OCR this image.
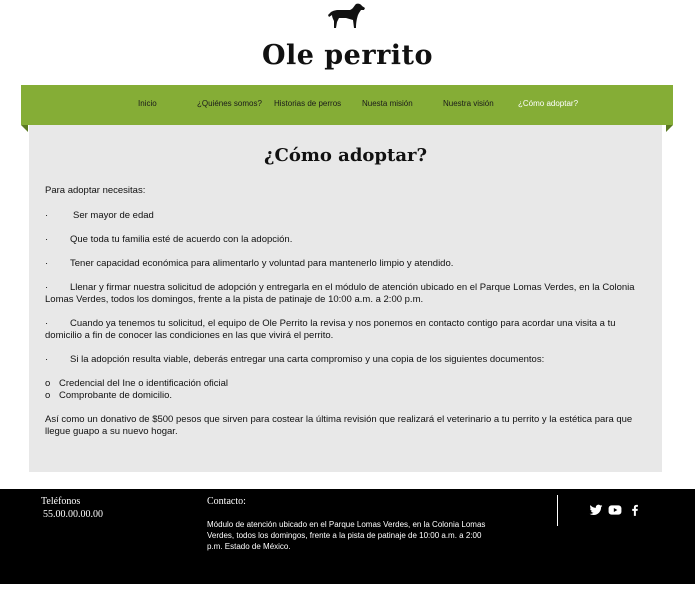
Ole perrito
Inicio	¿Quiénes somos? Historias de perros	Nuesta misión	Nuestra visión	¿Cómo adoptar?
¿Cómo adoptar?
Para adoptar necesitas:
·	Ser mayor de edad
·	Que toda tu familia esté de acuerdo con la adopción.
·	Tener capacidad económica para alimentarlo y voluntad para mantenerlo limpio y atendido.
·	Llenar y firmar nuestra solicitud de adopción y entregarla en el módulo de atención ubicado en el Parque Lomas Verdes, en la Colonia Lomas Verdes, todos los domingos, frente a la pista de patinaje de 10:00 a.m. a 2:00 p.m.
·	Cuando ya tenemos tu solicitud, el equipo de Ole Perrito la revisa y nos ponemos en contacto contigo para acordar una visita a tu domicilio a fin de conocer las condiciones en las que vivirá el perrito.
·	Si la adopción resulta viable, deberás entregar una carta compromiso y una copia de los siguientes documentos:
o Credencial del Ine o identificación oficial
o Comprobante de domicilio.
Así como un donativo de $500 pesos que sirven para costear la última revisión que realizará el veterinario a tu perrito y la estética para que llegue guapo a su nuevo hogar.
Teléfonos
55.00.00.00.00
Contacto:
Módulo de atención ubicado en el Parque Lomas Verdes, en la Colonia Lomas Verdes, todos los domingos, frente a la pista de patinaje de 10:00 a.m. a 2:00 p.m. Estado de México.
